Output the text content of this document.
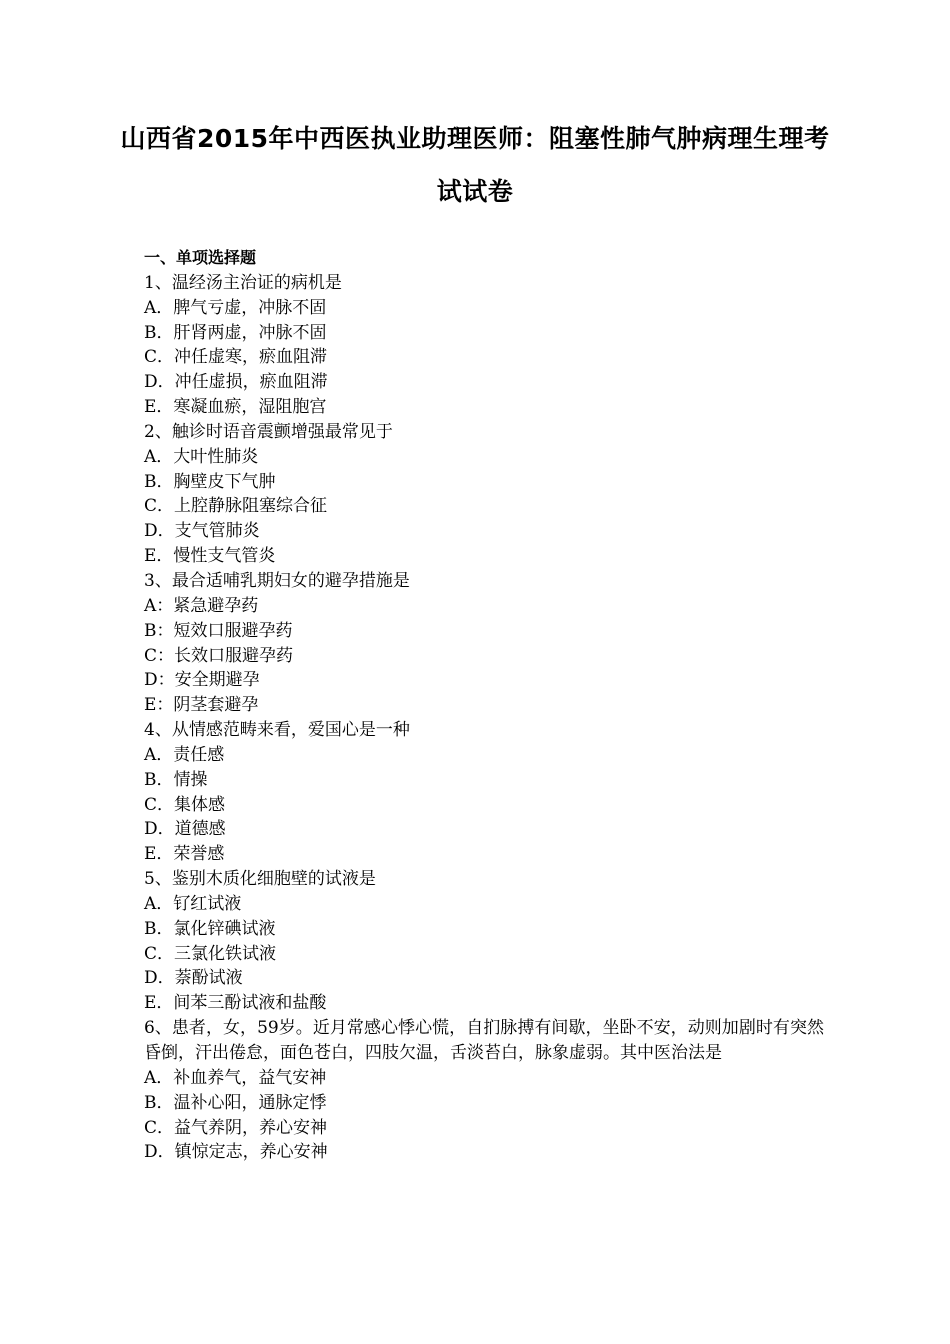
山西省2015年中西医执业助理医师：阻塞性肺气肿病理生理考试试卷

一、单项选择题

1、温经汤主治证的病机是

A．脾气亏虚，冲脉不固

B．肝肾两虚，冲脉不固

C．冲任虚寒，瘀血阻滞

D．冲任虚损，瘀血阻滞

E．寒凝血瘀，湿阻胞宫

2、触诊时语音震颤增强最常见于

A．大叶性肺炎

B．胸壁皮下气肿

C．上腔静脉阻塞综合征

D．支气管肺炎

E．慢性支气管炎

3、最合适哺乳期妇女的避孕措施是

A：紧急避孕药

B：短效口服避孕药

C：长效口服避孕药

D：安全期避孕

E：阴茎套避孕

4、从情感范畴来看，爱国心是一种

A．责任感

B．情操

C．集体感

D．道德感

E．荣誉感

5、鉴别木质化细胞壁的试液是

A．钌红试液

B．氯化锌碘试液

C．三氯化铁试液

D．萘酚试液

E．间苯三酚试液和盐酸

6、患者，女，59岁。近月常感心悸心慌，自扪脉搏有间歇，坐卧不安，动则加剧时有突然昏倒，汗出倦怠，面色苍白，四肢欠温，舌淡苔白，脉象虚弱。其中医治法是

A．补血养气，益气安神

B．温补心阳，通脉定悸

C．益气养阴，养心安神

D．镇惊定志，养心安神
